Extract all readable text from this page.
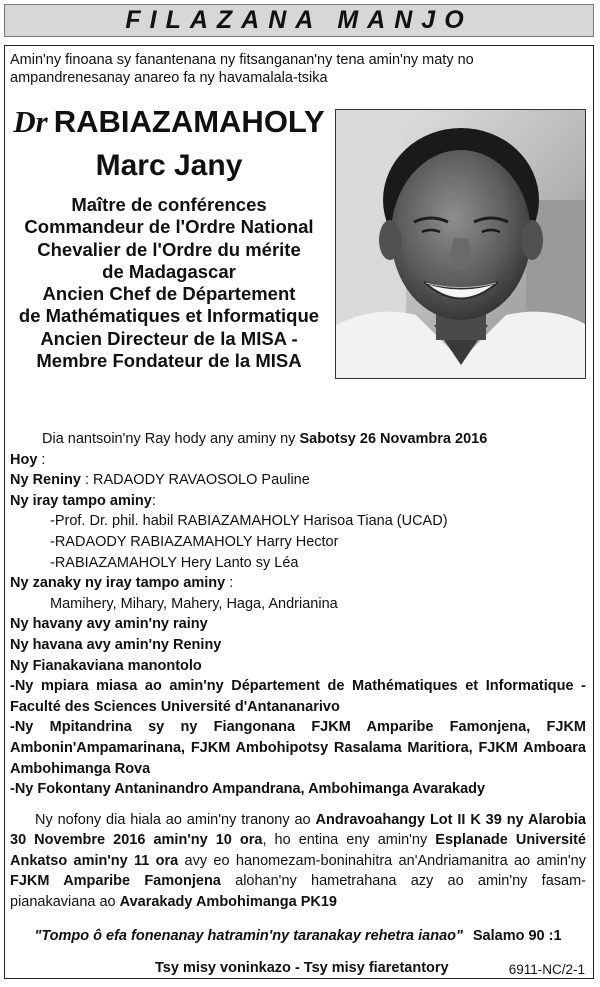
FILAZANA MANJO
Amin'ny finoana sy fanantenana ny fitsanganan'ny tena amin'ny maty no ampandrenesanay anareo fa ny havamalala-tsika
Dr RABIAZAMAHOLY
Marc Jany
Maître de conférences
Commandeur de l'Ordre National
Chevalier de l'Ordre du mérite
de Madagascar
Ancien Chef de Département
de Mathématiques et Informatique
Ancien Directeur de la MISA -
Membre Fondateur de la MISA
Dia nantsoin'ny Ray hody any aminy ny Sabotsy 26 Novambra 2016
Hoy :
Ny Reniny : RADAODY RAVAOSOLO Pauline
Ny iray tampo aminy:
-Prof. Dr. phil. habil RABIAZAMAHOLY Harisoa Tiana (UCAD)
-RADAODY RABIAZAMAHOLY Harry Hector
-RABIAZAMAHOLY Hery Lanto sy Léa
Ny zanaky ny iray tampo aminy :
Mamihery, Mihary, Mahery, Haga, Andrianina
Ny havany avy amin'ny rainy
Ny havana avy amin'ny Reniny
Ny Fianakaviana manontolo
-Ny mpiara miasa ao amin'ny Département de Mathématiques et Informatique - Faculté des Sciences Université d'Antananarivo
-Ny Mpitandrina sy ny Fiangonana FJKM Amparibe Famonjena, FJKM Ambonin'Ampamarinana, FJKM Ambohipotsy Rasalama Maritiora, FJKM Amboara Ambohimanga Rova
-Ny Fokontany Antaninandro Ampandrana, Ambohimanga Avarakady
Ny nofony dia hiala ao amin'ny tranony ao Andravoahangy Lot II K 39 ny Alarobia 30 Novembre 2016 amin'ny 10 ora, ho entina eny amin'ny Esplanade Université Ankatso amin'ny 11 ora avy eo hanomezam-boninahitra an'Andriamanitra ao amin'ny FJKM Amparibe Famonjena alohan'ny hametrahana azy ao amin'ny fasam-pianakaviana ao Avarakady Ambohimanga PK19
"Tompo ô efa fonenanay hatramin'ny taranakay rehetra ianao" Salamo 90 :1
Tsy misy voninkazo - Tsy misy fiaretantory	6911-NC/2-1
